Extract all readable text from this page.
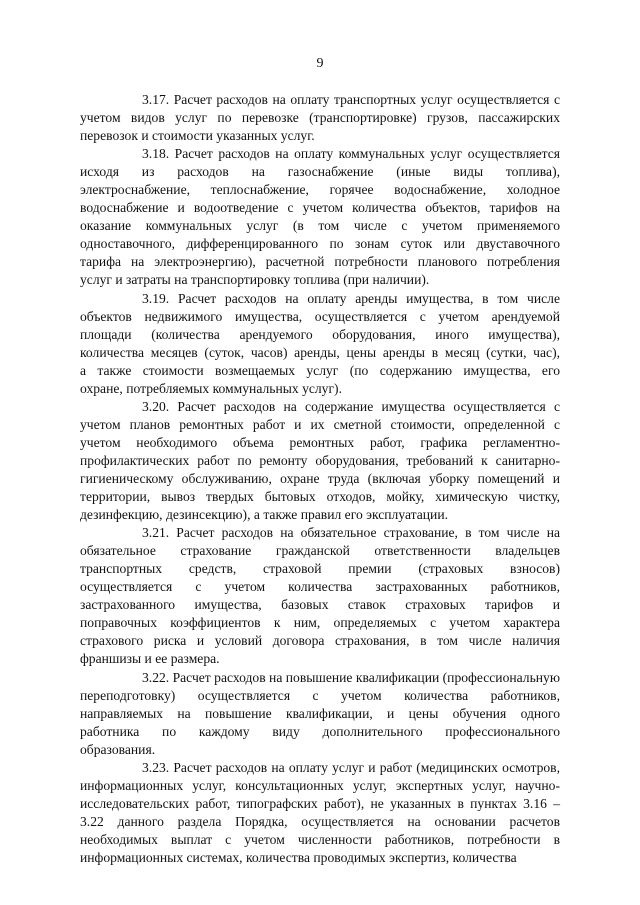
9
3.17. Расчет расходов на оплату транспортных услуг осуществляется с
учетом видов услуг по перевозке (транспортировке) грузов, пассажирских
перевозок и стоимости указанных услуг.
3.18. Расчет расходов на оплату коммунальных услуг осуществляется
исходя из расходов на газоснабжение (иные виды топлива),
электроснабжение, теплоснабжение, горячее водоснабжение, холодное
водоснабжение и водоотведение с учетом количества объектов, тарифов на
оказание коммунальных услуг (в том числе с учетом применяемого
одноставочного, дифференцированного по зонам суток или двуставочного
тарифа на электроэнергию), расчетной потребности планового потребления
услуг и затраты на транспортировку топлива (при наличии).
3.19. Расчет расходов на оплату аренды имущества, в том числе
объектов недвижимого имущества, осуществляется с учетом арендуемой
площади (количества арендуемого оборудования, иного имущества),
количества месяцев (суток, часов) аренды, цены аренды в месяц (сутки, час),
а также стоимости возмещаемых услуг (по содержанию имущества, его
охране, потребляемых коммунальных услуг).
3.20. Расчет расходов на содержание имущества осуществляется с
учетом планов ремонтных работ и их сметной стоимости, определенной с
учетом необходимого объема ремонтных работ, графика регламентно-
профилактических работ по ремонту оборудования, требований к санитарно-
гигиеническому обслуживанию, охране труда (включая уборку помещений и
территории, вывоз твердых бытовых отходов, мойку, химическую чистку,
дезинфекцию, дезинсекцию), а также правил его эксплуатации.
3.21. Расчет расходов на обязательное страхование, в том числе на
обязательное страхование гражданской ответственности владельцев
транспортных средств, страховой премии (страховых взносов)
осуществляется с учетом количества застрахованных работников,
застрахованного имущества, базовых ставок страховых тарифов и
поправочных коэффициентов к ним, определяемых с учетом характера
страхового риска и условий договора страхования, в том числе наличия
франшизы и ее размера.
3.22. Расчет расходов на повышение квалификации (профессиональную
переподготовку) осуществляется с учетом количества работников,
направляемых на повышение квалификации, и цены обучения одного
работника по каждому виду дополнительного профессионального
образования.
3.23. Расчет расходов на оплату услуг и работ (медицинских осмотров,
информационных услуг, консультационных услуг, экспертных услуг, научно-
исследовательских работ, типографских работ), не указанных в пунктах 3.16 –
3.22 данного раздела Порядка, осуществляется на основании расчетов
необходимых выплат с учетом численности работников, потребности в
информационных системах, количества проводимых экспертиз, количества
